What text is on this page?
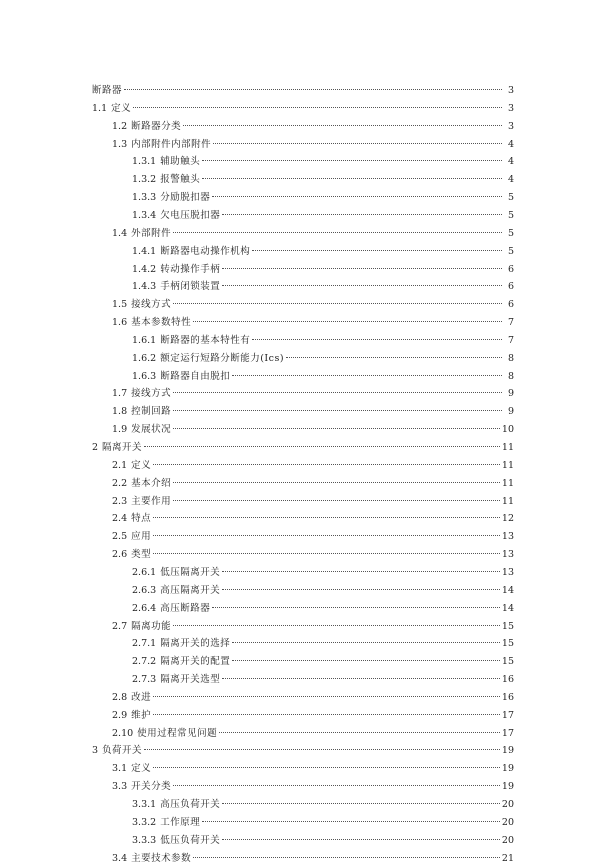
断路器	3
1.1 定义	3
1.2 断路器分类	3
1.3 内部附件内部附件	4
1.3.1 辅助触头	4
1.3.2 报警触头	4
1.3.3 分励脱扣器	5
1.3.4 欠电压脱扣器	5
1.4 外部附件	5
1.4.1 断路器电动操作机构	5
1.4.2 转动操作手柄	6
1.4.3 手柄闭锁装置	6
1.5 接线方式	6
1.6 基本参数特性	7
1.6.1 断路器的基本特性有	7
1.6.2 额定运行短路分断能力(Ics)	8
1.6.3 断路器自由脱扣	8
1.7 接线方式	9
1.8 控制回路	9
1.9 发展状况	10
2 隔离开关	11
2.1 定义	11
2.2 基本介绍	11
2.3 主要作用	11
2.4 特点	12
2.5 应用	13
2.6 类型	13
2.6.1 低压隔离开关	13
2.6.3 高压隔离开关	14
2.6.4 高压断路器	14
2.7 隔离功能	15
2.7.1 隔离开关的选择	15
2.7.2 隔离开关的配置	15
2.7.3 隔离开关选型	16
2.8 改进	16
2.9 维护	17
2.10 使用过程常见问题	17
3 负荷开关	19
3.1 定义	19
3.3 开关分类	19
3.3.1 高压负荷开关	20
3.3.2 工作原理	20
3.3.3 低压负荷开关	20
3.4 主要技术参数	21
